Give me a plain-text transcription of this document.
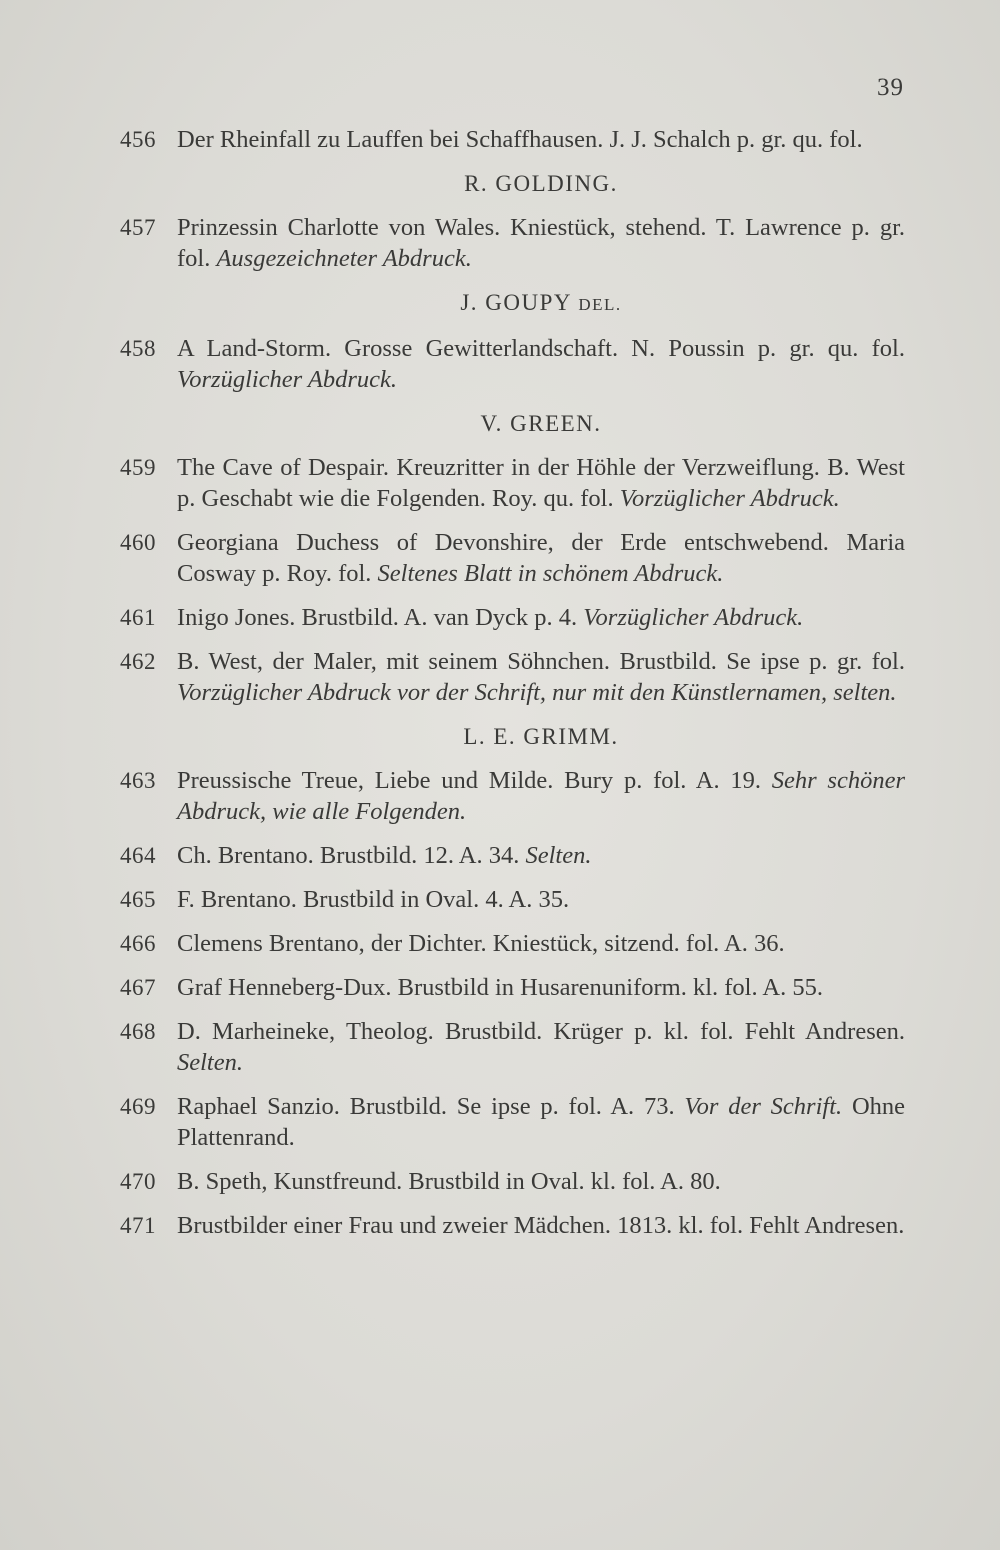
39
456 Der Rheinfall zu Lauffen bei Schaffhausen. J. J. Schalch p. gr. qu. fol.
R. GOLDING.
457 Prinzessin Charlotte von Wales. Kniestück, stehend. T. Lawrence p. gr. fol. Ausgezeichneter Abdruck.
J. GOUPY DEL.
458 A Land-Storm. Grosse Gewitterlandschaft. N. Poussin p. gr. qu. fol. Vorzüglicher Abdruck.
V. GREEN.
459 The Cave of Despair. Kreuzritter in der Höhle der Verzweiflung. B. West p. Geschabt wie die Folgenden. Roy. qu. fol. Vorzüglicher Abdruck.
460 Georgiana Duchess of Devonshire, der Erde entschwebend. Maria Cosway p. Roy. fol. Seltenes Blatt in schönem Abdruck.
461 Inigo Jones. Brustbild. A. van Dyck p. 4. Vorzüglicher Abdruck.
462 B. West, der Maler, mit seinem Söhnchen. Brustbild. Se ipse p. gr. fol. Vorzüglicher Abdruck vor der Schrift, nur mit den Künstlernamen, selten.
L. E. GRIMM.
463 Preussische Treue, Liebe und Milde. Bury p. fol. A. 19. Sehr schöner Abdruck, wie alle Folgenden.
464 Ch. Brentano. Brustbild. 12. A. 34. Selten.
465 F. Brentano. Brustbild in Oval. 4. A. 35.
466 Clemens Brentano, der Dichter. Kniestück, sitzend. fol. A. 36.
467 Graf Henneberg-Dux. Brustbild in Husarenuniform. kl. fol. A. 55.
468 D. Marheineke, Theolog. Brustbild. Krüger p. kl. fol. Fehlt Andresen. Selten.
469 Raphael Sanzio. Brustbild. Se ipse p. fol. A. 73. Vor der Schrift. Ohne Plattenrand.
470 B. Speth, Kunstfreund. Brustbild in Oval. kl. fol. A. 80.
471 Brustbilder einer Frau und zweier Mädchen. 1813. kl. fol. Fehlt Andresen.
